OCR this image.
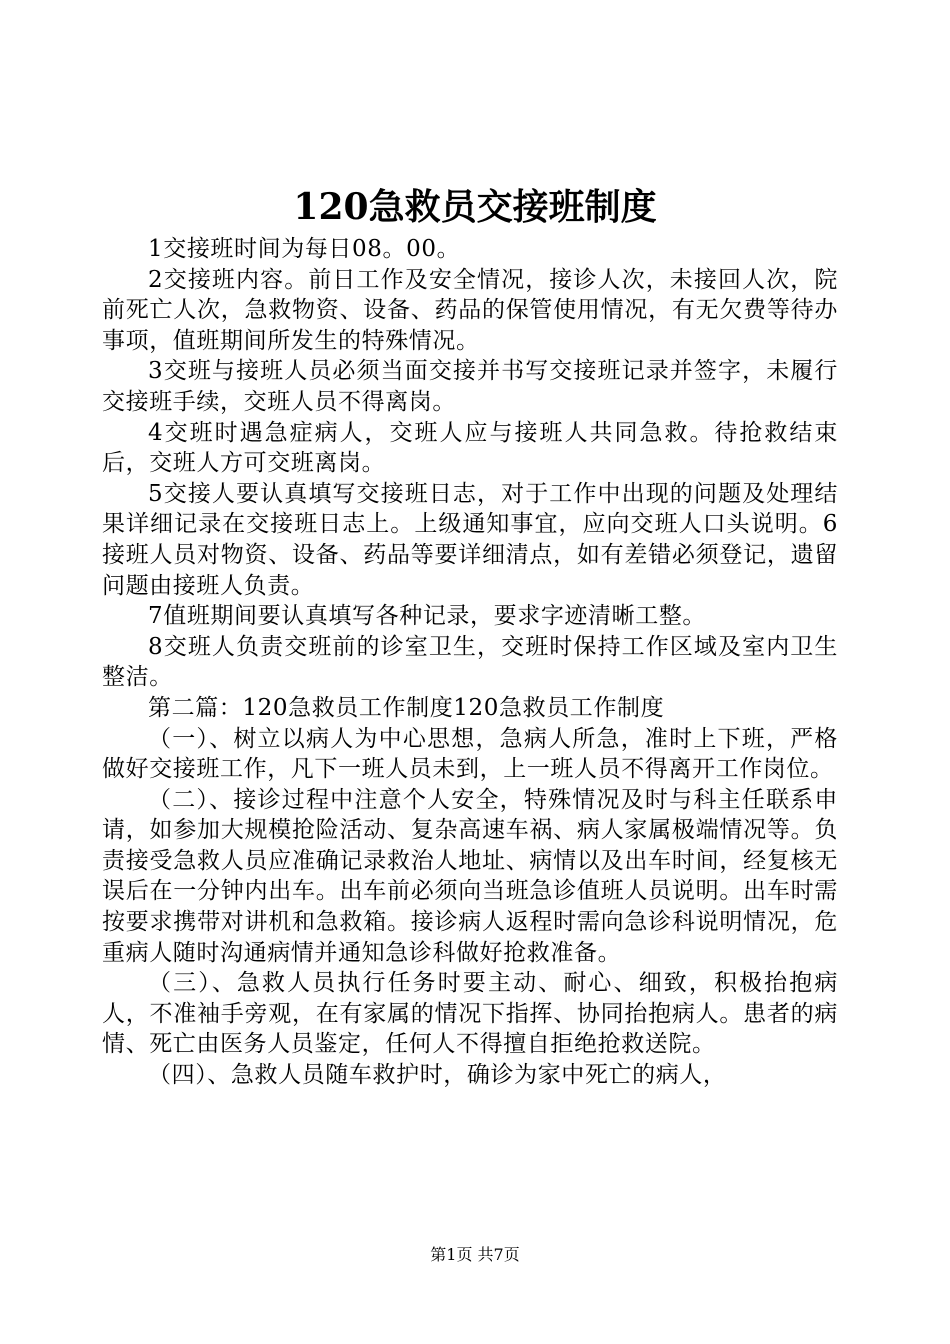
120急救员交接班制度

1交接班时间为每日08。00。

2交接班内容。前日工作及安全情况，接诊人次，未接回人次，院前死亡人次，急救物资、设备、药品的保管使用情况，有无欠费等待办事项，值班期间所发生的特殊情况。

3交班与接班人员必须当面交接并书写交接班记录并签字，未履行交接班手续，交班人员不得离岗。

4交班时遇急症病人，交班人应与接班人共同急救。待抢救结束后，交班人方可交班离岗。

5交接人要认真填写交接班日志，对于工作中出现的问题及处理结果详细记录在交接班日志上。上级通知事宜，应向交班人口头说明。6接班人员对物资、设备、药品等要详细清点，如有差错必须登记，遗留问题由接班人负责。

7值班期间要认真填写各种记录，要求字迹清晰工整。

8交班人负责交班前的诊室卫生，交班时保持工作区域及室内卫生整洁。

第二篇：120急救员工作制度120急救员工作制度

（一）、树立以病人为中心思想，急病人所急，准时上下班，严格做好交接班工作，凡下一班人员未到，上一班人员不得离开工作岗位。

（二）、接诊过程中注意个人安全，特殊情况及时与科主任联系申请，如参加大规模抢险活动、复杂高速车祸、病人家属极端情况等。负责接受急救人员应准确记录救治人地址、病情以及出车时间，经复核无误后在一分钟内出车。出车前必须向当班急诊值班人员说明。出车时需按要求携带对讲机和急救箱。接诊病人返程时需向急诊科说明情况，危重病人随时沟通病情并通知急诊科做好抢救准备。

（三）、急救人员执行任务时要主动、耐心、细致，积极抬抱病人，不准袖手旁观，在有家属的情况下指挥、协同抬抱病人。患者的病情、死亡由医务人员鉴定，任何人不得擅自拒绝抢救送院。

（四）、急救人员随车救护时，确诊为家中死亡的病人，

第1页 共7页
